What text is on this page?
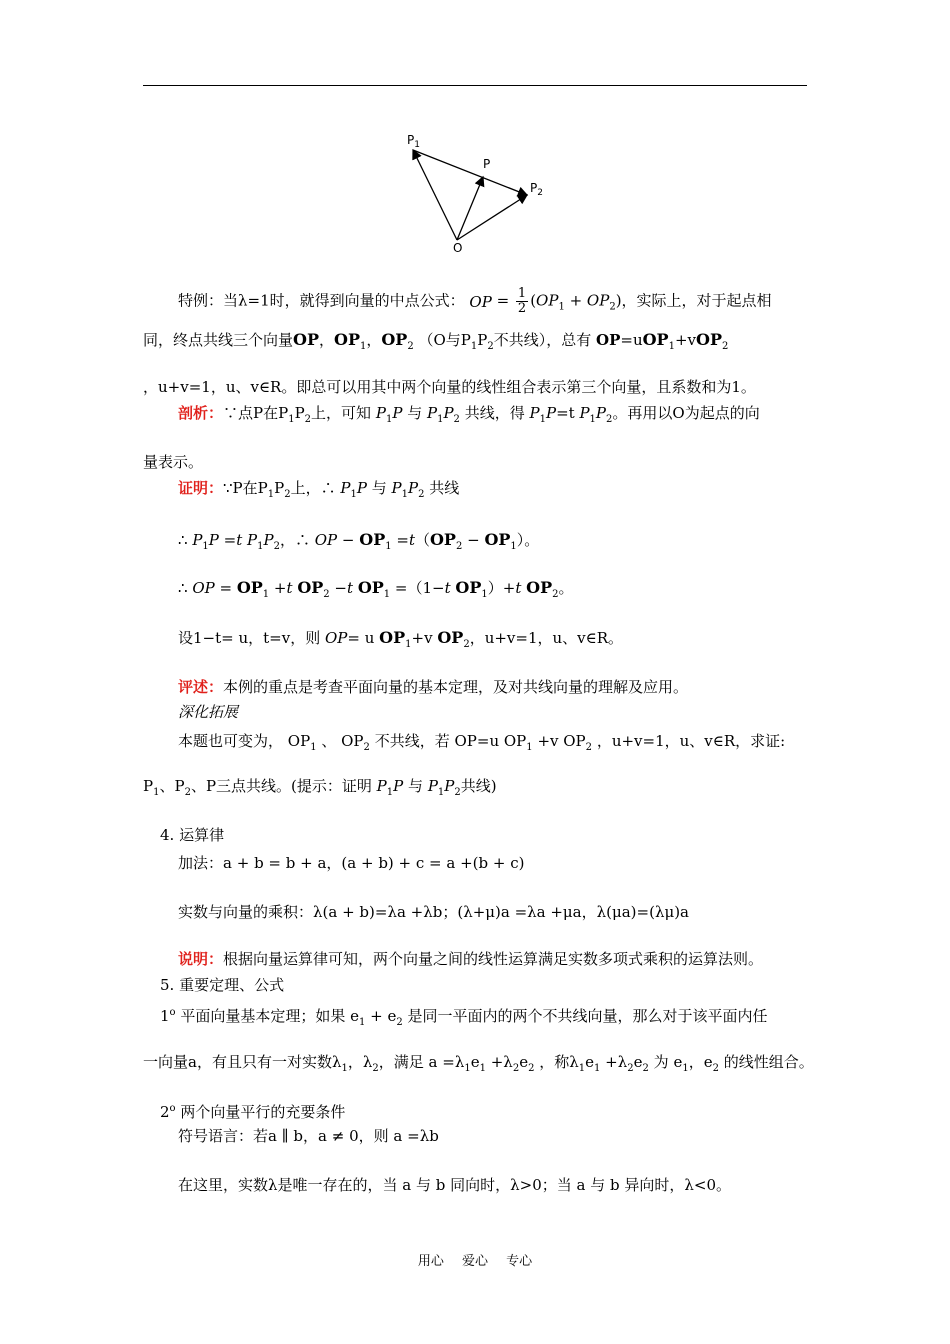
$P_1$
P
$P_2$
O
特例：当λ=1时，就得到向量的中点公式： OP = $\frac{1}{2} (OP_1 + OP_2)$，实际上，对于起点相
同，终点共线三个向量OP，$OP_1$，$OP_2$ （O与$P_1P_2$不共线），总有 OP=uOP$_1$+vOP$_2$
，u+v=1，u、v∈R。即总可以用其中两个向量的线性组合表示第三个向量，且系数和为1。
剖析：∵点P在$P_1P_2$上，可知 $P_1P$ 与 $P_1P_2$ 共线，得 $P_1P=t$ $P_1P_2$。再用以O为起点的向
量表示。
证明：∵P在$P_1P_2$上，∴ $P_1P$ 与 $P_1P_2$ 共线
∴ $P_1P =t$ $P_1P_2$，∴ OP − $OP_1 =t(OP_2 - OP_1)$。
∴ OP = $OP_1 +t$ $OP_2 -t$ $OP_1 =(1-t$ $OP_1)+t$ $OP_2$。
设1−t= u，t=v，则 OP= u $OP_1+v$ $OP_2$，u+v=1，u、v∈R。
评述：本例的重点是考查平面向量的基本定理，及对共线向量的理解及应用。
深化拓展
本题也可变为， $OP_1$ 、 $OP_2$ 不共线，若 OP=u $OP_1 +v$ $OP_2$ ，u+v=1，u、v∈R，求证:
$P_1$、$P_2$、P三点共线。(提示：证明 $P_1P$ 与 $P_1P_2$共线)
4. 运算律
加法：a + b = b + a，(a + b) + c = a +(b + c)
实数与向量的乘积：λ(a + b)=λa +λb；(λ+μ)a =λa +μa，λ(μa)=(λμ)a
说明：根据向量运算律可知，两个向量之间的线性运算满足实数多项式乘积的运算法则。
5. 重要定理、公式
1$^o$ 平面向量基本定理；如果 $e_1 + e_2$ 是同一平面内的两个不共线向量，那么对于该平面内任
一向量a，有且只有一对实数$\lambda_1$，$\lambda_2$，满足 $a =\lambda_1e_1 +\lambda_2e_2$ ，称$\lambda_1e_1 +\lambda_2e_2$ 为 $e_1$，$e_2$ 的线性组合。
2$^o$ 两个向量平行的充要条件
符号语言：若a ∥ b，a ≠ 0，则 a =λb
在这里，实数λ是唯一存在的，当 a 与 b 同向时，λ>0；当 a 与 b 异向时，λ<0。
用心 爱心 专心
